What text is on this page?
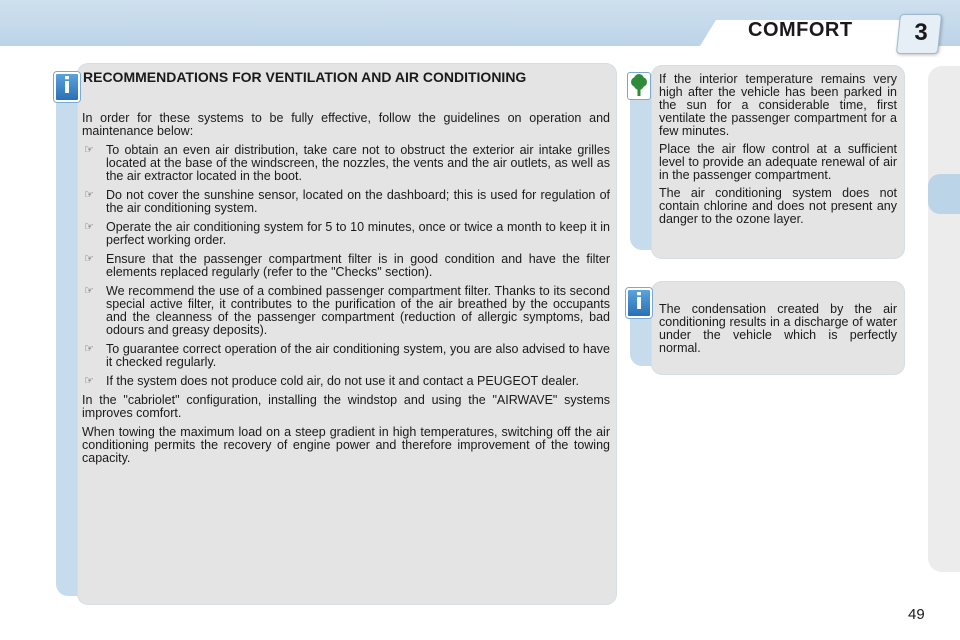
COMFORT	3
i RECOMMENDATIONS FOR VENTILATION AND AIR CONDITIONING

In order for these systems to be fully effective, follow the guidelines on operation and maintenance below:

☞ To obtain an even air distribution, take care not to obstruct the exterior air intake grilles located at the base of the windscreen, the nozzles, the vents and the air outlets, as well as the air extractor located in the boot.
☞ Do not cover the sunshine sensor, located on the dashboard; this is used for regulation of the air conditioning system.
☞ Operate the air conditioning system for 5 to 10 minutes, once or twice a month to keep it in perfect working order.
☞ Ensure that the passenger compartment filter is in good condition and have the filter elements replaced regularly (refer to the "Checks" section).
☞ We recommend the use of a combined passenger compartment filter. Thanks to its second special active filter, it contributes to the purification of the air breathed by the occupants and the cleanness of the passenger compartment (reduction of allergic symptoms, bad odours and greasy deposits).
☞ To guarantee correct operation of the air conditioning system, you are also advised to have it checked regularly.
☞ If the system does not produce cold air, do not use it and contact a PEUGEOT dealer.

In the "cabriolet" configuration, installing the windstop and using the "AIRWAVE" systems improves comfort.

When towing the maximum load on a steep gradient in high temperatures, switching off the air conditioning permits the recovery of engine power and therefore improvement of the towing capacity.

If the interior temperature remains very high after the vehicle has been parked in the sun for a considerable time, first ventilate the passenger compartment for a few minutes.

Place the air flow control at a sufficient level to provide an adequate renewal of air in the passenger compartment.

The air conditioning system does not contain chlorine and does not present any danger to the ozone layer.

i	The condensation created by the air conditioning results in a discharge of water under the vehicle which is perfectly normal.
49
